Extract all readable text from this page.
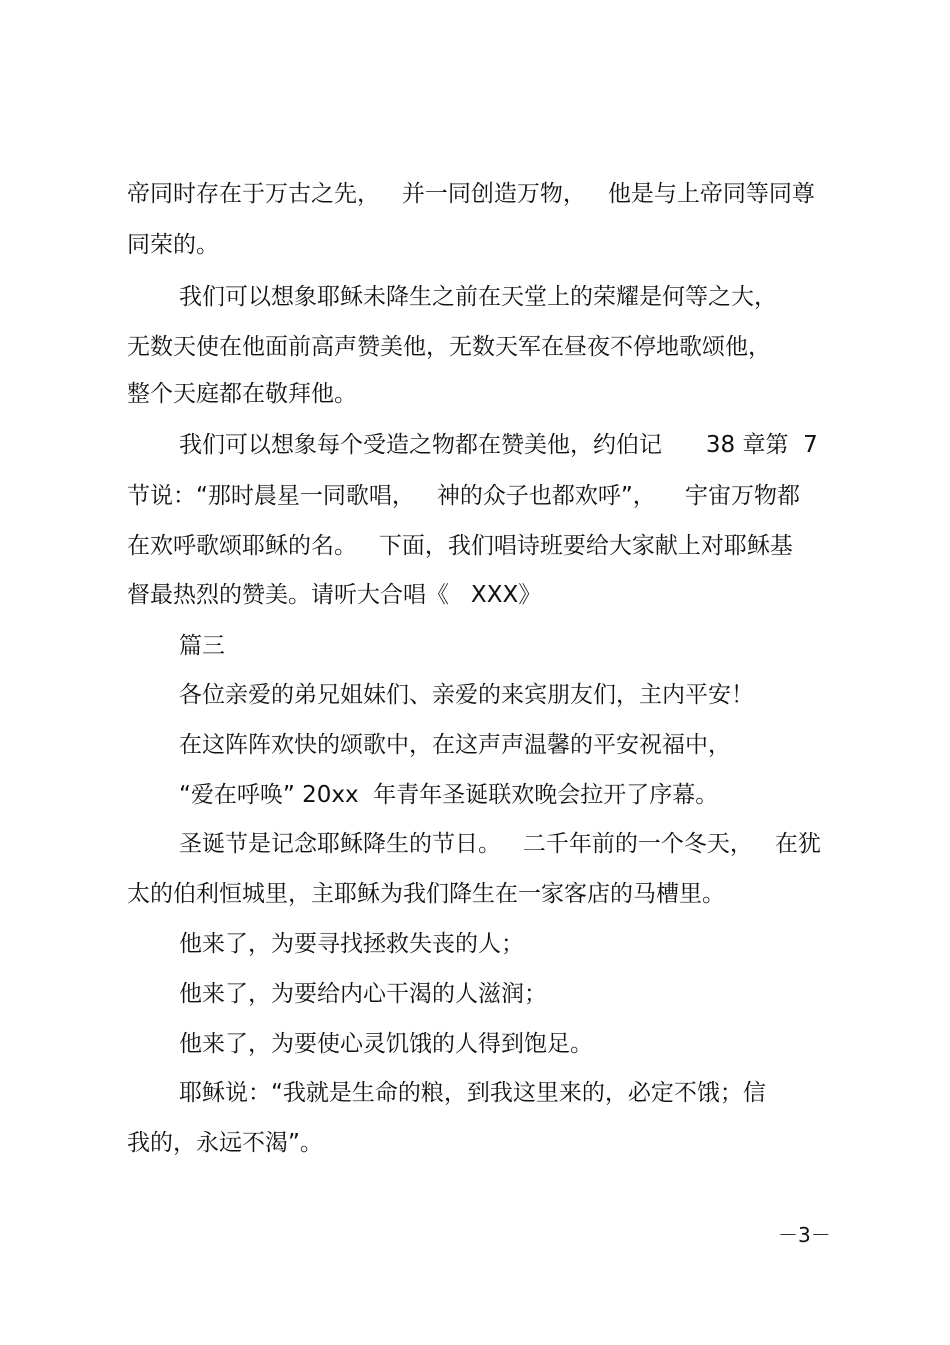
帝同时存在于万古之先，   并一同创造万物，   他是与上帝同等同尊

同荣的。

我们可以想象耶稣未降生之前在天堂上的荣耀是何等之大，

无数天使在他面前高声赞美他，无数天军在昼夜不停地歌颂他，

整个天庭都在敬拜他。

我们可以想象每个受造之物都在赞美他，约伯记      38 章第  7

节说：“那时晨星一同歌唱，   神的众子也都欢呼”，    宇宙万物都

在欢呼歌颂耶稣的名。   下面，我们唱诗班要给大家献上对耶稣基

督最热烈的赞美。请听大合唱《   XXX》

篇三

各位亲爱的弟兄姐妹们、亲爱的来宾朋友们，主内平安！

在这阵阵欢快的颂歌中，在这声声温馨的平安祝福中，

“爱在呼唤” 20xx  年青年圣诞联欢晚会拉开了序幕。

圣诞节是记念耶稣降生的节日。   二千年前的一个冬天，   在犹

太的伯利恒城里，主耶稣为我们降生在一家客店的马槽里。

他来了，为要寻找拯救失丧的人；

他来了，为要给内心干渴的人滋润；

他来了，为要使心灵饥饿的人得到饱足。

耶稣说：“我就是生命的粮，到我这里来的，必定不饿；信

我的，永远不渴”。

－3－
